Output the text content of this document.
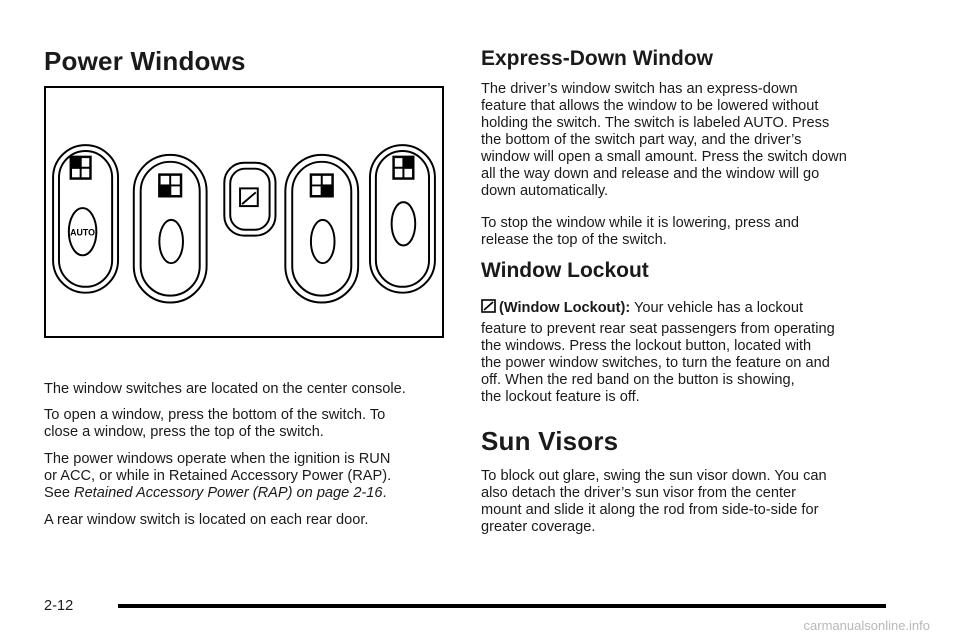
Power Windows
AUTO

The window switches are located on the center console.

To open a window, press the bottom of the switch. To

close a window, press the top of the switch.

The power windows operate when the ignition is RUN

or ACC, or while in Retained Accessory Power (RAP).

See Retained Accessory Power (RAP) on page 2-16.

A rear window switch is located on each rear door.

Express-Down Window

The driver’s window switch has an express-down

feature that allows the window to be lowered without

holding the switch. The switch is labeled AUTO. Press

the bottom of the switch part way, and the driver’s

window will open a small amount. Press the switch down

all the way down and release and the window will go

down automatically.

To stop the window while it is lowering, press and

release the top of the switch.

Window Lockout

(Window Lockout): Your vehicle has a lockout

feature to prevent rear seat passengers from operating

the windows. Press the lockout button, located with

the power window switches, to turn the feature on and

off. When the red band on the button is showing,

the lockout feature is off.

Sun Visors

To block out glare, swing the sun visor down. You can

also detach the driver’s sun visor from the center

mount and slide it along the rod from side-to-side for

greater coverage.

2-12
carmanualsonline.info
